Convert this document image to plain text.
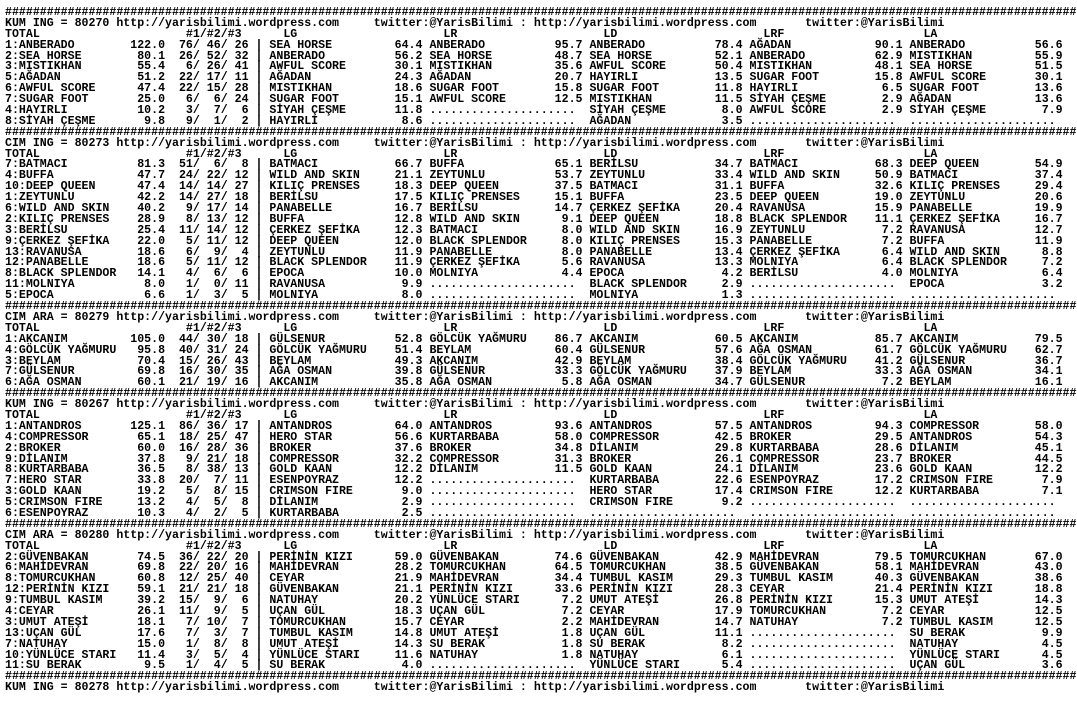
##########################################################################################################################################################
KUM ING = 80270 http://yarisbilimi.wordpress.com	twitter:@YarisBilimi : http://yarisbilimi.wordpress.com	twitter:@YarisBilimi
TOTAL                     #1/#2/#3      LG                     LR                     LD                     LRF                    LA
1:ANBERADO        122.0  76/ 46/ 26 | SEA HORSE         64.4 ANBERADO          95.7 ANBERADO          78.4 AĞADAN            90.1 ANBERADO          56.6
2:SEA HORSE        80.1  26/ 52/ 32 | ANBERADO          56.2 SEA HORSE         48.7 SEA HORSE         52.1 ANBERADO          62.9 MISTIKHAN         55.9
3:MISTIKHAN        55.4   6/ 26/ 41 | AWFUL SCORE       30.1 MISTIKHAN         35.6 AWFUL SCORE       50.4 MISTIKHAN         48.1 SEA HORSE         51.5
5:AĞADAN           51.2  22/ 17/ 11 | AĞADAN            24.3 AĞADAN            20.7 HAYIRLI           13.5 SUGAR FOOT        15.8 AWFUL SCORE       30.1
6:AWFUL SCORE      47.4  22/ 15/ 28 | MISTIKHAN         18.6 SUGAR FOOT        15.8 SUGAR FOOT        11.8 HAYIRLI            6.5 SUGAR FOOT        13.6
7:SUGAR FOOT       25.0   6/  6/ 24 | SUGAR FOOT        15.1 AWFUL SCORE       12.5 MISTIKHAN         11.5 SİYAH ÇEŞME        2.9 AĞADAN            13.6
4:HAYIRLI          10.2   3/  7/  6 | SİYAH ÇEŞME       11.8 .....................  SİYAH ÇEŞME        8.0 AWFUL SCORE        2.9 SİYAH ÇEŞME        7.9
8:SİYAH ÇEŞME       9.8   9/  1/  2 | HAYIRLI            8.6 .....................  AĞADAN             3.5 .....................  .....................
##########################################################################################################################################################
CIM ING = 80273 http://yarisbilimi.wordpress.com	twitter:@YarisBilimi : http://yarisbilimi.wordpress.com	twitter:@YarisBilimi
TOTAL                     #1/#2/#3      LG                     LR                     LD                     LRF                    LA
7:BATMACI          81.3  51/  6/  8 | BATMACI           66.7 BUFFA             65.1 BERİLSU           34.7 BATMACI           68.3 DEEP QUEEN        54.9
4:BUFFA            47.7  24/ 22/ 12 | WILD AND SKIN     21.1 ZEYTUNLU          53.7 ZEYTUNLU          33.4 WILD AND SKIN     50.9 BATMACI           37.4
10:DEEP QUEEN      47.4  14/ 14/ 27 | KILIÇ PRENSES     18.3 DEEP QUEEN        37.5 BATMACI           31.1 BUFFA             32.6 KILIÇ PRENSES     29.4
1:ZEYTUNLU         42.2  14/ 27/ 18 | BERİLSU           17.5 KILIÇ PRENSES     15.1 BUFFA             23.5 DEEP QUEEN        19.0 ZEYTUNLU          20.6
6:WILD AND SKIN    40.2   9/ 17/ 14 | PANABELLE         16.7 BERİLSU           14.7 ÇERKEZ ŞEFİKA     20.4 RAVANUSA          15.9 PANABELLE         19.9
2:KILIÇ PRENSES    28.9   8/ 13/ 12 | BUFFA             12.8 WILD AND SKIN      9.1 DEEP QUEEN        18.8 BLACK SPLENDOR    11.1 ÇERKEZ ŞEFİKA     16.7
3:BERİLSU          25.4  11/ 14/ 12 | ÇERKEZ ŞEFİKA     12.3 BATMACI            8.0 WILD AND SKIN     16.9 ZEYTUNLU           7.2 RAVANUSA          12.7
9:ÇERKEZ ŞEFİKA    22.0   5/ 11/ 12 | DEEP QUEEN        12.0 BLACK SPLENDOR     8.0 KILIÇ PRENSES     15.3 PANABELLE          7.2 BUFFA             11.9
13:RAVANUSA        18.6   6/  9/  4 | ZEYTUNLU          11.9 PANABELLE          8.0 PANABELLE         13.4 ÇERKEZ ŞEFİKA      6.4 WILD AND SKIN      8.8
12:PANABELLE       18.6   5/ 11/ 12 | BLACK SPLENDOR    11.9 ÇERKEZ ŞEFİKA      5.6 RAVANUSA          13.3 MOLNIYA            6.4 BLACK SPLENDOR     7.2
8:BLACK SPLENDOR   14.1   4/  6/  6 | EPOCA             10.0 MOLNIYA            4.4 EPOCA              4.2 BERİLSU            4.0 MOLNIYA            6.4
11:MOLNIYA          8.0   1/  0/ 11 | RAVANUSA           9.9 .....................  BLACK SPLENDOR     2.9 .....................  EPOCA              3.2
5:EPOCA             6.6   1/  3/  5 | MOLNIYA            8.0 .....................  MOLNIYA            1.3 .....................  .....................
##########################################################################################################################################################
CIM ARA = 80279 http://yarisbilimi.wordpress.com	twitter:@YarisBilimi : http://yarisbilimi.wordpress.com	twitter:@YarisBilimi
TOTAL                     #1/#2/#3      LG                     LR                     LD                     LRF                    LA
1:AKCANIM         105.0  44/ 30/ 18 | GÜLSENUR          52.8 GÖLCÜK YAĞMURU    86.7 AKCANIM           60.5 AKCANIM           85.7 AKCANIM           79.5
4:GÖLCÜK YAĞMURU   95.8  40/ 31/ 24 | GÖLCÜK YAĞMURU    51.4 BEYLAM            60.4 GÜLSENUR          57.6 AĞA OSMAN         61.7 GÖLCÜK YAĞMURU    62.7
3:BEYLAM           70.4  15/ 26/ 43 | BEYLAM            49.3 AKCANIM           42.9 BEYLAM            38.4 GÖLCÜK YAĞMURU    41.2 GÜLSENUR          36.7
7:GÜLSENUR         69.8  16/ 30/ 35 | AĞA OSMAN         39.8 GÜLSENUR          33.3 GÖLCÜK YAĞMURU    37.9 BEYLAM            33.3 AĞA OSMAN         34.1
6:AĞA OSMAN        60.1  21/ 19/ 16 | AKCANIM           35.8 AĞA OSMAN          5.8 AĞA OSMAN         34.7 GÜLSENUR           7.2 BEYLAM            16.1
##########################################################################################################################################################
KUM ING = 80267 http://yarisbilimi.wordpress.com	twitter:@YarisBilimi : http://yarisbilimi.wordpress.com	twitter:@YarisBilimi
TOTAL                     #1/#2/#3      LG                     LR                     LD                     LRF                    LA
1:ANTANDROS       125.1  86/ 36/ 17 | ANTANDROS         64.0 ANTANDROS         93.6 ANTANDROS         57.5 ANTANDROS         94.3 COMPRESSOR        58.0
4:COMPRESSOR       65.1  18/ 25/ 47 | HERO STAR         56.6 KURTARBABA        58.0 COMPRESSOR        42.5 BROKER            29.5 ANTANDROS         54.3
2:BROKER           60.0  16/ 28/ 36 | BROKER            37.6 BROKER            34.8 DİLANIM           29.8 KURTARBABA        28.6 DİLANIM           45.1
9:DİLANIM          37.8   9/ 21/ 18 | COMPRESSOR        32.2 COMPRESSOR        31.3 BROKER            26.1 COMPRESSOR        23.7 BROKER            44.5
8:KURTARBABA       36.5   8/ 38/ 13 | GOLD KAAN         12.2 DİLANIM           11.5 GOLD KAAN         24.1 DİLANIM           23.6 GOLD KAAN         12.2
7:HERO STAR        33.8  20/  7/ 11 | ESENPOYRAZ        12.2 .....................  KURTARBABA        22.6 ESENPOYRAZ        17.2 CRIMSON FIRE       7.9
3:GOLD KAAN        19.2   5/  8/ 15 | CRIMSON FIRE       9.0 .....................  HERO STAR         17.4 CRIMSON FIRE      12.2 KURTARBABA         7.1
5:CRIMSON FIRE     13.2   4/  5/  8 | DİLANIM            2.9 .....................  CRIMSON FIRE       9.2 .....................  .....................
6:ESENPOYRAZ       10.3   4/  2/  5 | KURTARBABA         2.5 .....................  .....................  .....................  .....................
##########################################################################################################################################################
CIM ARA = 80280 http://yarisbilimi.wordpress.com	twitter:@YarisBilimi : http://yarisbilimi.wordpress.com	twitter:@YarisBilimi
TOTAL                     #1/#2/#3      LG                     LR                     LD                     LRF                    LA
2:GÜVENBAKAN       74.5  36/ 22/ 20 | PERİNİN KIZI      59.0 GÜVENBAKAN        74.6 GÜVENBAKAN        42.9 MAHİDEVRAN        79.5 TOMURCUKHAN       67.0
6:MAHİDEVRAN       69.8  22/ 20/ 16 | MAHİDEVRAN        28.2 TOMURCUKHAN       64.5 TOMURCUKHAN       38.5 GÜVENBAKAN        58.1 MAHİDEVRAN        43.0
8:TOMURCUKHAN      60.8  12/ 25/ 40 | CEYAR             21.9 MAHİDEVRAN        34.4 TUMBUL KASIM      29.3 TUMBUL KASIM      40.3 GÜVENBAKAN        38.6
12:PERİNİN KIZI    59.1  21/ 21/ 18 | GÜVENBAKAN        21.1 PERİNİN KIZI      33.6 PERİNİN KIZI      28.3 CEYAR             21.4 PERİNİN KIZI      18.8
9:TUMBUL KASIM     39.2  15/  9/  6 | NATUHAY           20.2 YÜNLÜCE STARI      7.2 UMUT ATEŞİ        26.8 PERİNİN KIZI      15.3 UMUT ATEŞİ        14.3
4:CEYAR            26.1  11/  9/  5 | UÇAN GÜL          18.3 UÇAN GÜL           7.2 CEYAR             17.9 TOMURCUKHAN        7.2 CEYAR             12.5
3:UMUT ATEŞİ       18.1   7/ 10/  7 | TOMURCUKHAN       15.7 CEYAR              2.2 MAHİDEVRAN        14.7 NATUHAY            7.2 TUMBUL KASIM      12.5
13:UÇAN GÜL        17.6   7/  3/  7 | TUMBUL KASIM      14.8 UMUT ATEŞİ         1.8 UÇAN GÜL          11.1 .....................  SU BERAK           9.9
7:NATUHAY          15.0   1/  8/  8 | UMUT ATEŞİ        14.3 SU BERAK           1.8 SU BERAK           8.2 .....................  NATUHAY            4.5
10:YÜNLÜCE STARI   11.4   3/  5/  4 | YÜNLÜCE STARI     11.6 NATUHAY            1.8 NATUHAY            6.1 .....................  YÜNLÜCE STARI      4.5
11:SU BERAK         9.5   1/  4/  5 | SU BERAK           4.0 .....................  YÜNLÜCE STARI      5.4 .....................  UÇAN GÜL           3.6
##########################################################################################################################################################
KUM ING = 80278 http://yarisbilimi.wordpress.com	twitter:@YarisBilimi : http://yarisbilimi.wordpress.com	twitter:@YarisBilimi
